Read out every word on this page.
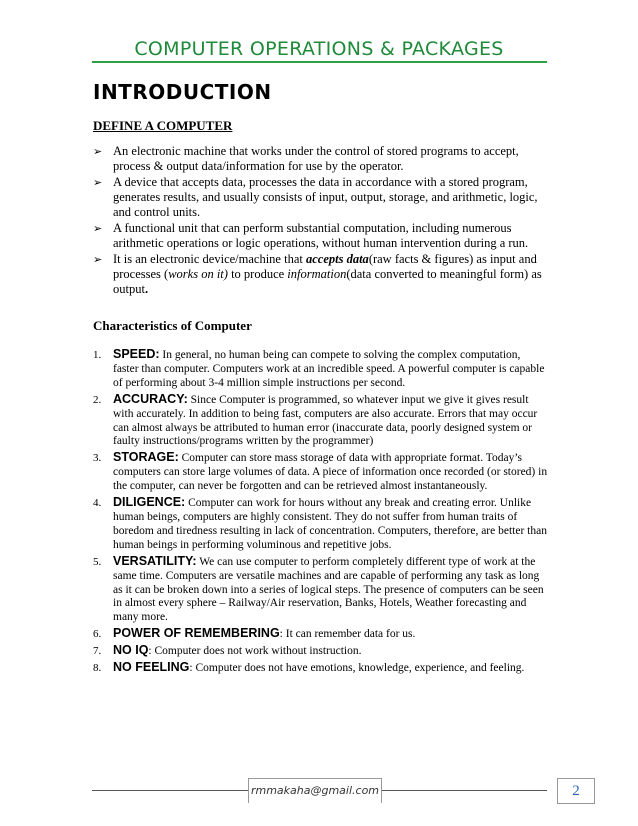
COMPUTER OPERATIONS & PACKAGES
INTRODUCTION
DEFINE A COMPUTER
➢ An electronic machine that works under the control of stored programs to accept, process & output data/information for use by the operator.
➢ A device that accepts data, processes the data in accordance with a stored program, generates results, and usually consists of input, output, storage, and arithmetic, logic, and control units.
➢ A functional unit that can perform substantial computation, including numerous arithmetic operations or logic operations, without human intervention during a run.
➢ It is an electronic device/machine that accepts data(raw facts & figures) as input and processes (works on it) to produce information(data converted to meaningful form) as output.
Characteristics of Computer
1. SPEED: In general, no human being can compete to solving the complex computation, faster than computer. Computers work at an incredible speed. A powerful computer is capable of performing about 3-4 million simple instructions per second.
2. ACCURACY: Since Computer is programmed, so whatever input we give it gives result with accurately. In addition to being fast, computers are also accurate. Errors that may occur can almost always be attributed to human error (inaccurate data, poorly designed system or faulty instructions/programs written by the programmer)
3. STORAGE: Computer can store mass storage of data with appropriate format. Today’s computers can store large volumes of data. A piece of information once recorded (or stored) in the computer, can never be forgotten and can be retrieved almost instantaneously.
4. DILIGENCE: Computer can work for hours without any break and creating error. Unlike human beings, computers are highly consistent. They do not suffer from human traits of boredom and tiredness resulting in lack of concentration. Computers, therefore, are better than human beings in performing voluminous and repetitive jobs.
5. VERSATILITY: We can use computer to perform completely different type of work at the same time. Computers are versatile machines and are capable of performing any task as long as it can be broken down into a series of logical steps. The presence of computers can be seen in almost every sphere – Railway/Air reservation, Banks, Hotels, Weather forecasting and many more.
6. POWER OF REMEMBERING: It can remember data for us.
7. NO IQ: Computer does not work without instruction.
8. NO FEELING: Computer does not have emotions, knowledge, experience, and feeling.
rmmakaha@gmail.com	2
